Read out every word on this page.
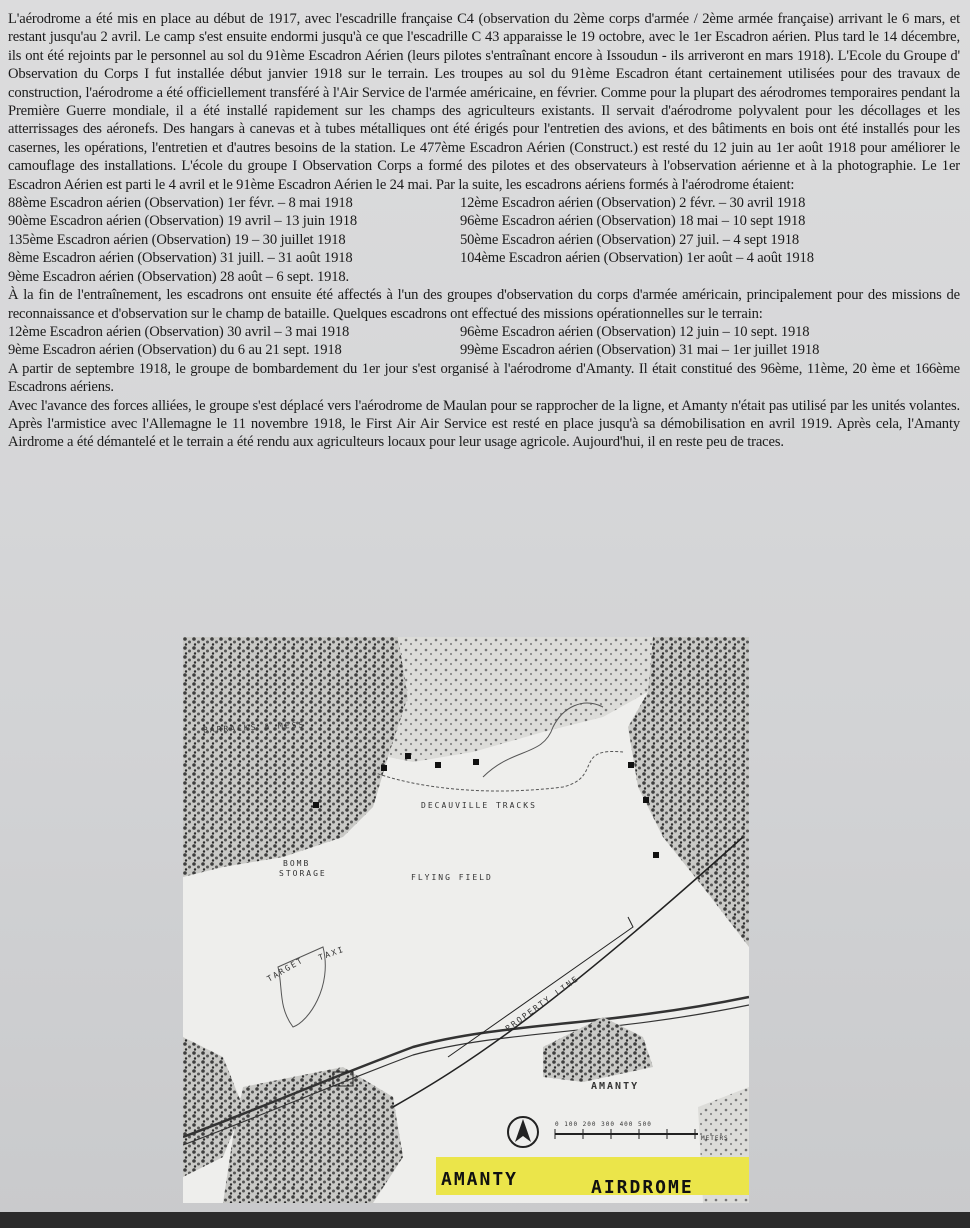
L'aérodrome a été mis en place au début de 1917, avec l'escadrille française C4 (observation du 2ème corps d'armée / 2ème armée française) arrivant le 6 mars, et restant jusqu'au 2 avril. Le camp s'est ensuite endormi jusqu'à ce que l'escadrille C 43 apparaisse le 19 octobre, avec le 1er Escadron aérien. Plus tard le 14 décembre, ils ont été rejoints par le personnel au sol du 91ème Escadron Aérien (leurs pilotes s'entraînant encore à Issoudun - ils arriveront en mars 1918). L'Ecole du Groupe d' Observation du Corps I fut installée début janvier 1918 sur le terrain. Les troupes au sol du 91ème Escadron étant certainement utilisées pour des travaux de construction, l'aérodrome a été officiellement transféré à l'Air Service de l'armée américaine, en février. Comme pour la plupart des aérodromes temporaires pendant la Première Guerre mondiale, il a été installé rapidement sur les champs des agriculteurs existants. Il servait d'aérodrome polyvalent pour les décollages et les atterrissages des aéronefs. Des hangars à canevas et à tubes métalliques ont été érigés pour l'entretien des avions, et des bâtiments en bois ont été installés pour les casernes, les opérations, l'entretien et d'autres besoins de la station. Le 477ème Escadron Aérien (Construct.) est resté du 12 juin au 1er août 1918 pour améliorer le camouflage des installations. L'école du groupe I Observation Corps a formé des pilotes et des observateurs à l'observation aérienne et à la photographie. Le 1er Escadron Aérien est parti le 4 avril et le 91ème Escadron Aérien le 24 mai. Par la suite, les escadrons aériens formés à l'aérodrome étaient:

88ème Escadron aérien (Observation) 1er févr. – 8 mai 1918	12ème Escadron aérien (Observation) 2 févr. – 30 avril 1918
90ème Escadron aérien (Observation) 19 avril – 13 juin 1918	96ème Escadron aérien (Observation) 18 mai – 10 sept 1918
135ème Escadron aérien (Observation) 19 – 30 juillet 1918	50ème Escadron aérien (Observation) 27 juil. – 4 sept 1918
8ème Escadron aérien (Observation) 31 juill. – 31 août 1918	104ème Escadron aérien (Observation) 1er août – 4 août 1918
9ème Escadron aérien (Observation) 28 août – 6 sept. 1918.

À la fin de l'entraînement, les escadrons ont ensuite été affectés à l'un des groupes d'observation du corps d'armée américain, principalement pour des missions de reconnaissance et d'observation sur le champ de bataille. Quelques escadrons ont effectué des missions opérationnelles sur le terrain:

12ème Escadron aérien (Observation) 30 avril – 3 mai 1918	96ème Escadron aérien (Observation) 12 juin – 10 sept. 1918
9ème Escadron aérien (Observation) du 6 au 21 sept. 1918	99ème Escadron aérien (Observation) 31 mai – 1er juillet 1918

A partir de septembre 1918, le groupe de bombardement du 1er jour s'est organisé à l'aérodrome d'Amanty. Il était constitué des 96ème, 11ème, 20 ème et 166ème Escadrons aériens.

Avec l'avance des forces alliées, le groupe s'est déplacé vers l'aérodrome de Maulan pour se rapprocher de la ligne, et Amanty n'était pas utilisé par les unités volantes. Après l'armistice avec l'Allemagne le 11 novembre 1918, le First Air Air Service est resté en place jusqu'à sa démobilisation en avril 1919. Après cela, l'Amanty Airdrome a été démantelé et le terrain a été rendu aux agriculteurs locaux pour leur usage agricole. Aujourd'hui, il en reste peu de traces.

BARRACKS & MESS
DECAUVILLE TRACKS
BOMB
STORAGE	FLYING FIELD
TARGET
TAXI
PROPERTY LINE
AMANTY
0 100 200 300 400 500
METERS
AMANTY	AIRDROME
